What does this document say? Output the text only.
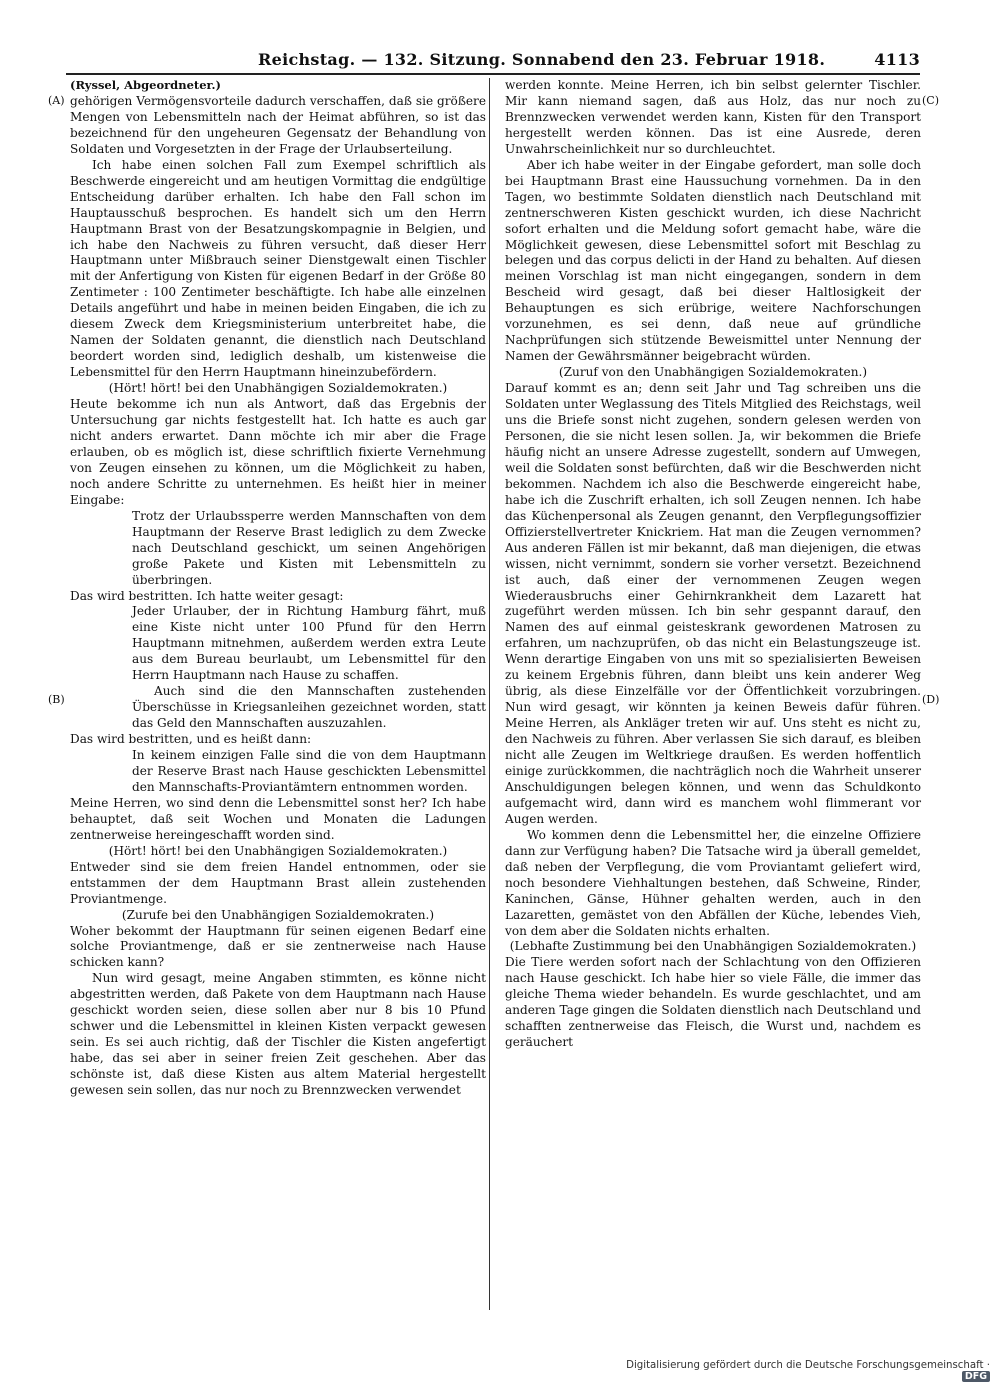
Reichstag. — 132. Sitzung. Sonnabend den 23. Februar 1918.	4113
(A)
(B)
(C)
(D)

(Ryssel, Abgeordneter.)

gehörigen Vermögensvorteile dadurch verschaffen, daß sie größere Mengen von Lebensmitteln nach der Heimat abführen, so ist das bezeichnend für den ungeheuren Gegensatz der Behandlung von Soldaten und Vorgesetzten in der Frage der Urlaubserteilung.

Ich habe einen solchen Fall zum Exempel schriftlich als Beschwerde eingereicht und am heutigen Vormittag die endgültige Entscheidung darüber erhalten. Ich habe den Fall schon im Hauptausschuß besprochen. Es handelt sich um den Herrn Hauptmann Brast von der Besatzungskompagnie in Belgien, und ich habe den Nachweis zu führen versucht, daß dieser Herr Hauptmann unter Mißbrauch seiner Dienstgewalt einen Tischler mit der Anfertigung von Kisten für eigenen Bedarf in der Größe 80 Zentimeter : 100 Zentimeter beschäftigte. Ich habe alle einzelnen Details angeführt und habe in meinen beiden Eingaben, die ich zu diesem Zweck dem Kriegsministerium unterbreitet habe, die Namen der Soldaten genannt, die dienstlich nach Deutschland beordert worden sind, lediglich deshalb, um kistenweise die Lebensmittel für den Herrn Hauptmann hineinzubefördern.

(Hört! hört! bei den Unabhängigen Sozialdemokraten.)

Heute bekomme ich nun als Antwort, daß das Ergebnis der Untersuchung gar nichts festgestellt hat. Ich hatte es auch gar nicht anders erwartet. Dann möchte ich mir aber die Frage erlauben, ob es möglich ist, diese schriftlich fixierte Vernehmung von Zeugen einsehen zu können, um die Möglichkeit zu haben, noch andere Schritte zu unternehmen. Es heißt hier in meiner Eingabe:

Trotz der Urlaubssperre werden Mannschaften von dem Hauptmann der Reserve Brast lediglich zu dem Zwecke nach Deutschland geschickt, um seinen Angehörigen große Pakete und Kisten mit Lebensmitteln zu überbringen.

Das wird bestritten. Ich hatte weiter gesagt:

Jeder Urlauber, der in Richtung Hamburg fährt, muß eine Kiste nicht unter 100 Pfund für den Herrn Hauptmann mitnehmen, außerdem werden extra Leute aus dem Bureau beurlaubt, um Lebensmittel für den Herrn Hauptmann nach Hause zu schaffen.

Auch sind die den Mannschaften zustehenden Überschüsse in Kriegsanleihen gezeichnet worden, statt das Geld den Mannschaften auszuzahlen.

Das wird bestritten, und es heißt dann:

In keinem einzigen Falle sind die von dem Hauptmann der Reserve Brast nach Hause geschickten Lebensmittel den Mannschafts-Proviantämtern entnommen worden.

Meine Herren, wo sind denn die Lebensmittel sonst her? Ich habe behauptet, daß seit Wochen und Monaten die Ladungen zentnerweise hereingeschafft worden sind.

(Hört! hört! bei den Unabhängigen Sozialdemokraten.)

Entweder sind sie dem freien Handel entnommen, oder sie entstammen der dem Hauptmann Brast allein zustehenden Proviantmenge.

(Zurufe bei den Unabhängigen Sozialdemokraten.)

Woher bekommt der Hauptmann für seinen eigenen Bedarf eine solche Proviantmenge, daß er sie zentnerweise nach Hause schicken kann?

Nun wird gesagt, meine Angaben stimmten, es könne nicht abgestritten werden, daß Pakete von dem Hauptmann nach Hause geschickt worden seien, diese sollen aber nur 8 bis 10 Pfund schwer und die Lebensmittel in kleinen Kisten verpackt gewesen sein. Es sei auch richtig, daß der Tischler die Kisten angefertigt habe, das sei aber in seiner freien Zeit geschehen. Aber das schönste ist, daß diese Kisten aus altem Material hergestellt gewesen sein sollen, das nur noch zu Brennzwecken verwendet

werden konnte. Meine Herren, ich bin selbst gelernter Tischler. Mir kann niemand sagen, daß aus Holz, das nur noch zu Brennzwecken verwendet werden kann, Kisten für den Transport hergestellt werden können. Das ist eine Ausrede, deren Unwahrscheinlichkeit nur so durchleuchtet.

Aber ich habe weiter in der Eingabe gefordert, man solle doch bei Hauptmann Brast eine Haussuchung vornehmen. Da in den Tagen, wo bestimmte Soldaten dienstlich nach Deutschland mit zentnerschweren Kisten geschickt wurden, ich diese Nachricht sofort erhalten und die Meldung sofort gemacht habe, wäre die Möglichkeit gewesen, diese Lebensmittel sofort mit Beschlag zu belegen und das corpus delicti in der Hand zu behalten. Auf diesen meinen Vorschlag ist man nicht eingegangen, sondern in dem Bescheid wird gesagt, daß bei dieser Haltlosigkeit der Behauptungen es sich erübrige, weitere Nachforschungen vorzunehmen, es sei denn, daß neue auf gründliche Nachprüfungen sich stützende Beweismittel unter Nennung der Namen der Gewährsmänner beigebracht würden.

(Zuruf von den Unabhängigen Sozialdemokraten.)

Darauf kommt es an; denn seit Jahr und Tag schreiben uns die Soldaten unter Weglassung des Titels Mitglied des Reichstags, weil uns die Briefe sonst nicht zugehen, sondern gelesen werden von Personen, die sie nicht lesen sollen. Ja, wir bekommen die Briefe häufig nicht an unsere Adresse zugestellt, sondern auf Umwegen, weil die Soldaten sonst befürchten, daß wir die Beschwerden nicht bekommen. Nachdem ich also die Beschwerde eingereicht habe, habe ich die Zuschrift erhalten, ich soll Zeugen nennen. Ich habe das Küchenpersonal als Zeugen genannt, den Verpflegungsoffizier Offizierstellvertreter Knickriem. Hat man die Zeugen vernommen? Aus anderen Fällen ist mir bekannt, daß man diejenigen, die etwas wissen, nicht vernimmt, sondern sie vorher versetzt. Bezeichnend ist auch, daß einer der vernommenen Zeugen wegen Wiederausbruchs einer Gehirnkrankheit dem Lazarett hat zugeführt werden müssen. Ich bin sehr gespannt darauf, den Namen des auf einmal geisteskrank gewordenen Matrosen zu erfahren, um nachzuprüfen, ob das nicht ein Belastungszeuge ist. Wenn derartige Eingaben von uns mit so spezialisierten Beweisen zu keinem Ergebnis führen, dann bleibt uns kein anderer Weg übrig, als diese Einzelfälle vor der Öffentlichkeit vorzubringen. Nun wird gesagt, wir könnten ja keinen Beweis dafür führen. Meine Herren, als Ankläger treten wir auf. Uns steht es nicht zu, den Nachweis zu führen. Aber verlassen Sie sich darauf, es bleiben nicht alle Zeugen im Weltkriege draußen. Es werden hoffentlich einige zurückkommen, die nachträglich noch die Wahrheit unserer Anschuldigungen belegen können, und wenn das Schuldkonto aufgemacht wird, dann wird es manchem wohl flimmerant vor Augen werden.

Wo kommen denn die Lebensmittel her, die einzelne Offiziere dann zur Verfügung haben? Die Tatsache wird ja überall gemeldet, daß neben der Verpflegung, die vom Proviantamt geliefert wird, noch besondere Viehhaltungen bestehen, daß Schweine, Rinder, Kaninchen, Gänse, Hühner gehalten werden, auch in den Lazaretten, gemästet von den Abfällen der Küche, lebendes Vieh, von dem aber die Soldaten nichts erhalten.

(Lebhafte Zustimmung bei den Unabhängigen Sozialdemokraten.)

Die Tiere werden sofort nach der Schlachtung von den Offizieren nach Hause geschickt. Ich habe hier so viele Fälle, die immer das gleiche Thema wieder behandeln. Es wurde geschlachtet, und am anderen Tage gingen die Soldaten dienstlich nach Deutschland und schafften zentnerweise das Fleisch, die Wurst und, nachdem es geräuchert

Digitalisierung gefördert durch die Deutsche Forschungsgemeinschaft · DFG
